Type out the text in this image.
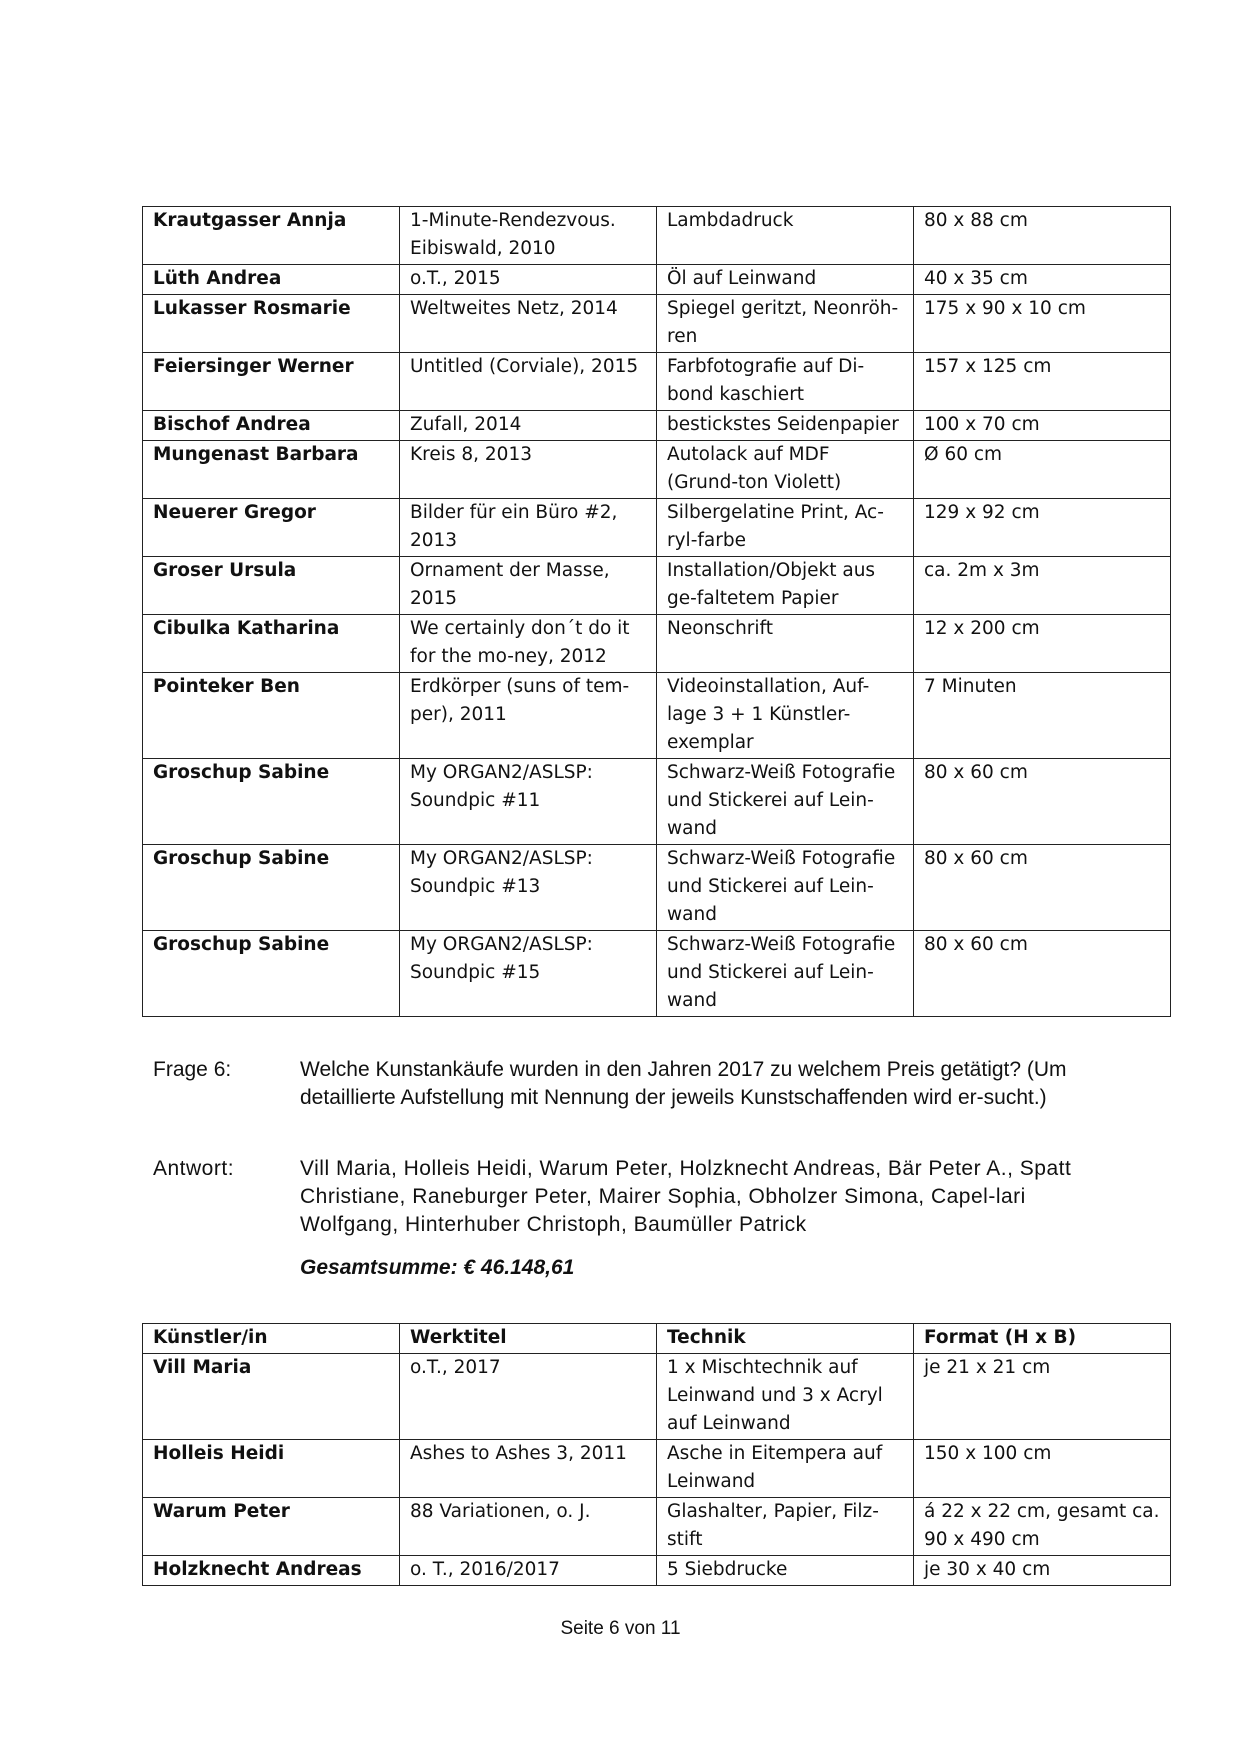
Krautgasser Annja	1-Minute-Rendezvous. Eibiswald, 2010	Lambdadruck	80 x 88 cm
Lüth Andrea	o.T., 2015	Öl auf Leinwand	40 x 35 cm
Lukasser Rosmarie	Weltweites Netz, 2014	Spiegel geritzt, Neonröh-ren	175 x 90 x 10 cm
Feiersinger Werner	Untitled (Corviale), 2015	Farbfotografie auf Di-bond kaschiert	157 x 125 cm
Bischof Andrea	Zufall, 2014	bestickstes Seidenpapier	100 x 70 cm
Mungenast Barbara	Kreis 8, 2013	Autolack auf MDF (Grund-ton Violett)	Ø 60 cm
Neuerer Gregor	Bilder für ein Büro #2, 2013	Silbergelatine Print, Ac-ryl-farbe	129 x 92 cm
Groser Ursula	Ornament der Masse, 2015	Installation/Objekt aus ge-faltetem Papier	ca. 2m x 3m
Cibulka Katharina	We certainly don´t do it for the mo-ney, 2012	Neonschrift	12 x 200 cm
Pointeker Ben	Erdkörper (suns of tem-per), 2011	Videoinstallation, Auf-lage 3 + 1 Künstler-exemplar	7 Minuten
Groschup Sabine	My ORGAN2/ASLSP: Soundpic #11	Schwarz-Weiß Fotografie und Stickerei auf Lein-wand	80 x 60 cm
Groschup Sabine	My ORGAN2/ASLSP: Soundpic #13	Schwarz-Weiß Fotografie und Stickerei auf Lein-wand	80 x 60 cm
Groschup Sabine	My ORGAN2/ASLSP: Soundpic #15	Schwarz-Weiß Fotografie und Stickerei auf Lein-wand	80 x 60 cm
Frage 6:	Welche Kunstankäufe wurden in den Jahren 2017 zu welchem Preis getätigt? (Um detaillierte Aufstellung mit Nennung der jeweils Kunstschaffenden wird er-sucht.)
Antwort:	Vill Maria, Holleis Heidi, Warum Peter, Holzknecht Andreas, Bär Peter A., Spatt Christiane, Raneburger Peter, Mairer Sophia, Obholzer Simona, Capel-lari Wolfgang, Hinterhuber Christoph, Baumüller Patrick
Gesamtsumme: € 46.148,61
Künstler/in	Werktitel	Technik	Format (H x B)
Vill Maria	o.T., 2017	1 x Mischtechnik auf Leinwand und 3 x Acryl auf Leinwand	je 21 x 21 cm
Holleis Heidi	Ashes to Ashes 3, 2011	Asche in Eitempera auf Leinwand	150 x 100 cm
Warum Peter	88 Variationen, o. J.	Glashalter, Papier, Filz-stift	á 22 x 22 cm, gesamt ca. 90 x 490 cm
Holzknecht Andreas	o. T., 2016/2017	5 Siebdrucke	je 30 x 40 cm
Seite 6 von 11
